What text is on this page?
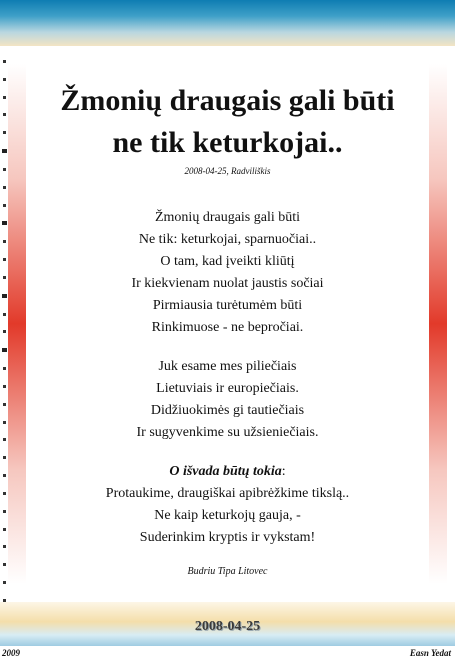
Žmonių draugais gali būti
ne tik keturkojai..
2008-04-25, Radviliškis
Žmonių draugais gali būti
Ne tik: keturkojai, sparnuočiai..
O tam, kad įveikti kliūtį
Ir kiekvienam nuolat jaustis sočiai
Pirmiausia turėtumėm būti
Rinkimuose - ne bepročiai.
Juk esame mes piliečiais
Lietuviais ir europiečiais.
Didžiuokimės gi tautiečiais
Ir sugyvenkime su užsieniečiais.
O išvada būtų tokia:
Protaukime, draugiškai apibrėžkime tikslą..
Ne kaip keturkojų gauja, -
Suderinkim kryptis ir vykstam!
Budriu Tipa Litovec
2008-04-25
2009	Easn Yedat
